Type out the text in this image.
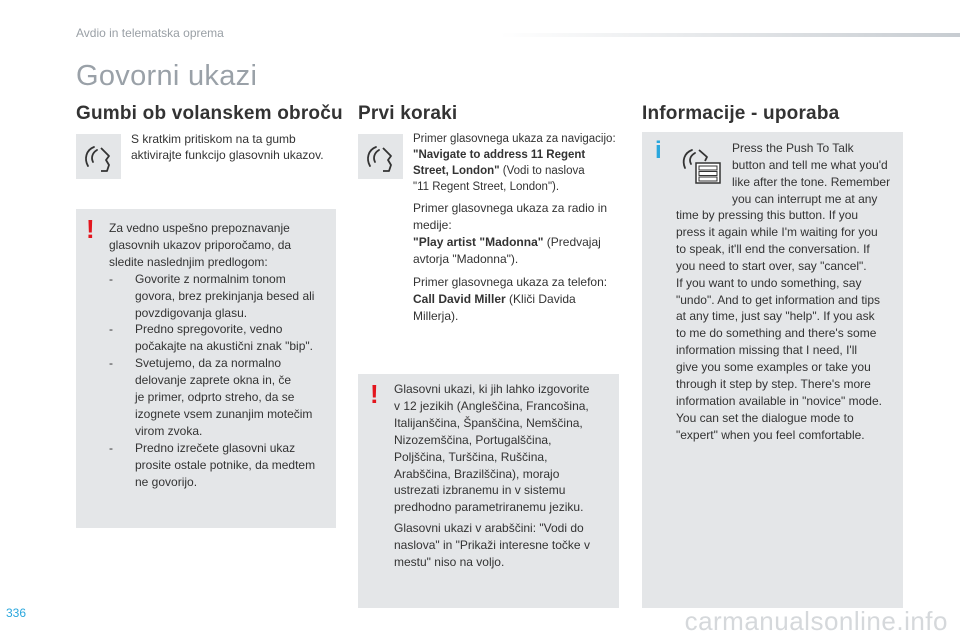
Avdio in telematska oprema
Govorni ukazi
Gumbi ob volanskem obroču
S kratkim pritiskom na ta gumb
aktivirajte funkcijo glasovnih ukazov.
! Za vedno uspešno prepoznavanje
glasovnih ukazov priporočamo, da
sledite naslednjim predlogom:
- Govorite z normalnim tonom
govora, brez prekinjanja besed ali
povzdigovanja glasu.
- Predno spregovorite, vedno
počakajte na akustični znak "bip".
- Svetujemo, da za normalno
delovanje zaprete okna in, če
je primer, odprto streho, da se
izognete vsem zunanjim motečim
virom zvoka.
- Predno izrečete glasovni ukaz
prosite ostale potnike, da medtem
ne govorijo.
Prvi koraki
Primer glasovnega ukaza za navigacijo:
"Navigate to address 11 Regent
Street, London" (Vodi to naslova
"11 Regent Street, London").
Primer glasovnega ukaza za radio in
medije:
"Play artist "Madonna" (Predvajaj
avtorja "Madonna").
Primer glasovnega ukaza za telefon:
Call David Miller (Kliči Davida
Millerja).
! Glasovni ukazi, ki jih lahko izgovorite
v 12 jezikih (Angleščina, Francošina,
Italijanščina, Španščina, Nemščina,
Nizozemščina, Portugalščina,
Poljščina, Turščina, Ruščina,
Arabščina, Brazilščina), morajo
ustrezati izbranemu in v sistemu
predhodno parametriranemu jeziku.
Glasovni ukazi v arabščini: "Vodi do
naslova" in "Prikaži interesne točke v
mestu" niso na voljo.
Informacije - uporaba
i	Press the Push To Talk
button and tell me what you'd
like after the tone. Remember
you can interrupt me at any
time by pressing this button. If you
press it again while I'm waiting for you
to speak, it'll end the conversation. If
you need to start over, say "cancel".
If you want to undo something, say
"undo". And to get information and tips
at any time, just say "help". If you ask
to me do something and there's some
information missing that I need, I'll
give you some examples or take you
through it step by step. There's more
information available in "novice" mode.
You can set the dialogue mode to
"expert" when you feel comfortable.
336	carmanualsonline.info
